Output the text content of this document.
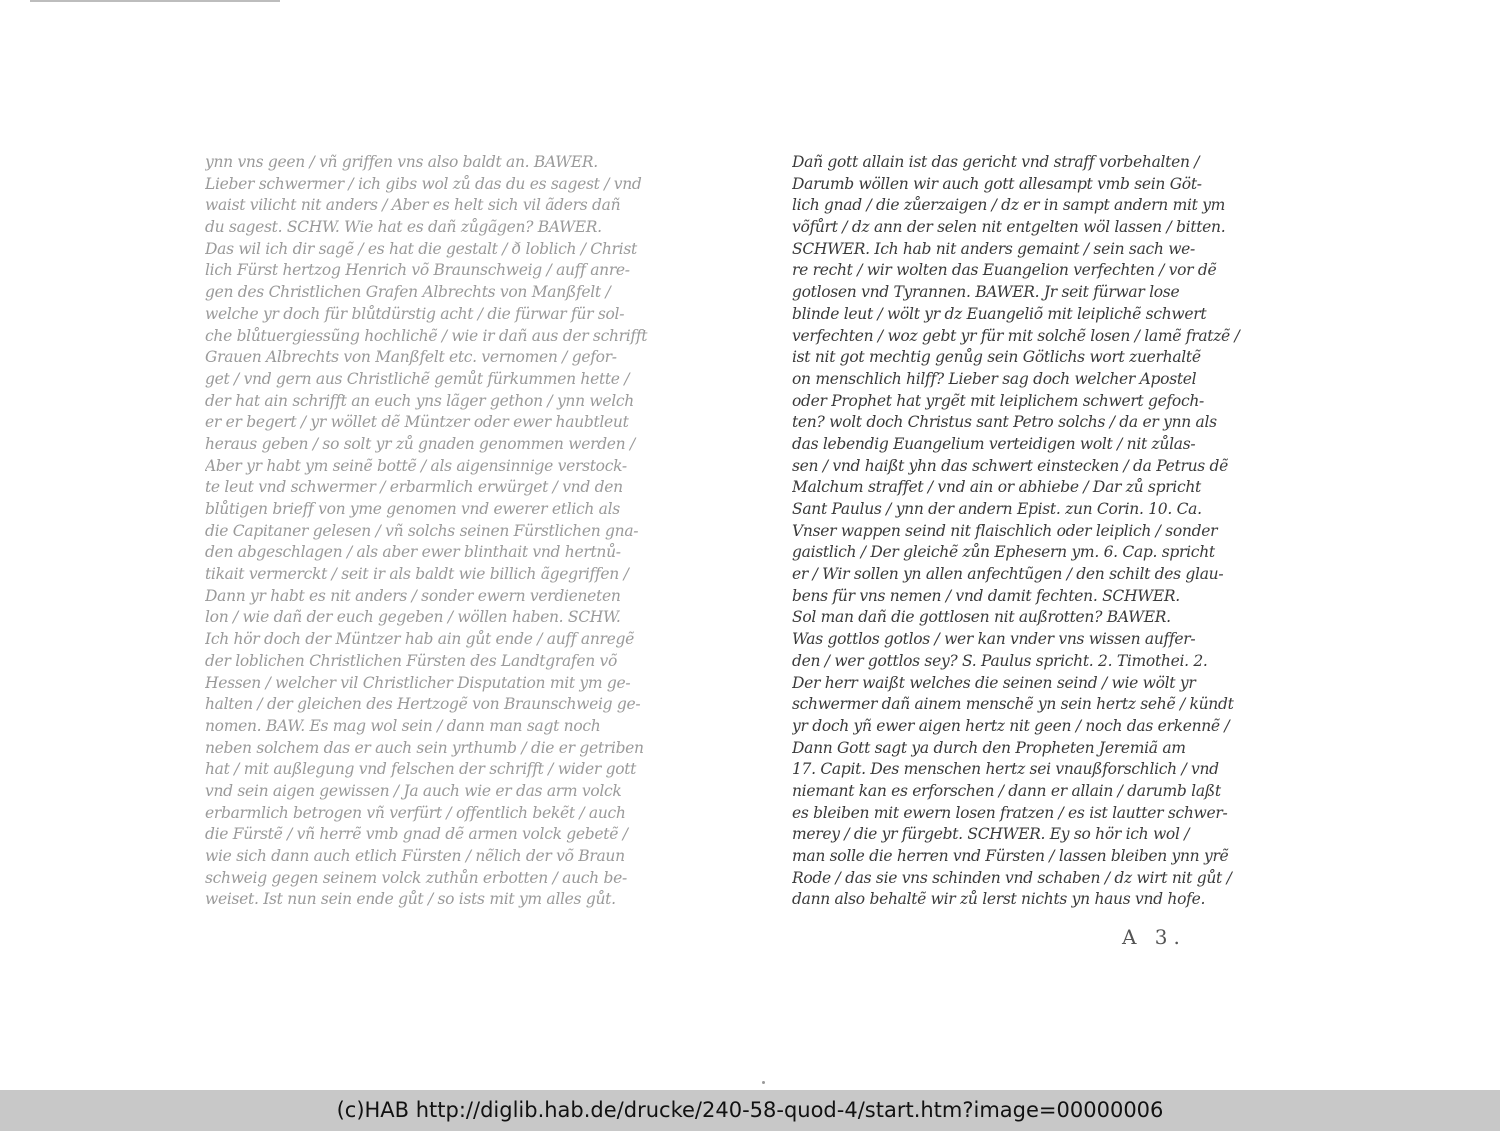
ynn vns geen / vñ griffen vns also baldt an. BAWER.
Lieber schwermer / ich gibs wol zů das du es sagest / vnd
waist vilicht nit anders / Aber es helt sich vil ãders dañ
du sagest. SCHW. Wie hat es dañ zůgãgen? BAWER.
Das wil ich dir sagẽ / es hat die gestalt / ð loblich / Christ
lich Fürst hertzog Henrich võ Braunschweig / auff anre-
gen des Christlichen Grafen Albrechts von Manßfelt /
welche yr doch für blůtdürstig acht / die fürwar für sol-
che blůtuergiessũng hochlichẽ / wie ir dañ aus der schrifft
Grauen Albrechts von Manßfelt etc. vernomen / gefor-
get / vnd gern aus Christlichẽ gemůt fürkummen hette /
der hat ain schrifft an euch yns lãger gethon / ynn welch
er er begert / yr wöllet dẽ Müntzer oder ewer haubtleut
heraus geben / so solt yr zů gnaden genommen werden /
Aber yr habt ym seinẽ bottẽ / als aigensinnige verstock-
te leut vnd schwermer / erbarmlich erwürget / vnd den
blůtigen brieff von yme genomen vnd ewerer etlich als
die Capitaner gelesen / vñ solchs seinen Fürstlichen gna-
den abgeschlagen / als aber ewer blinthait vnd hertnů-
tikait vermerckt / seit ir als baldt wie billich ãgegriffen /
Dann yr habt es nit anders / sonder ewern verdieneten
lon / wie dañ der euch gegeben / wöllen haben. SCHW.
Ich hör doch der Müntzer hab ain gůt ende / auff anregẽ
der loblichen Christlichen Fürsten des Landtgrafen võ
Hessen / welcher vil Christlicher Disputation mit ym ge-
halten / der gleichen des Hertzogẽ von Braunschweig ge-
nomen. BAW. Es mag wol sein / dann man sagt noch
neben solchem das er auch sein yrthumb / die er getriben
hat / mit außlegung vnd felschen der schrifft / wider gott
vnd sein aigen gewissen / Ja auch wie er das arm volck
erbarmlich betrogen vñ verfürt / offentlich bekẽt / auch
die Fürstẽ / vñ herrẽ vmb gnad dẽ armen volck gebetẽ /
wie sich dann auch etlich Fürsten / nẽlich der võ Braun
schweig gegen seinem volck zuthůn erbotten / auch be-
weiset. Ist nun sein ende gůt / so ists mit ym alles gůt.
Dañ gott allain ist das gericht vnd straff vorbehalten /
Darumb wöllen wir auch gott allesampt vmb sein Göt-
lich gnad / die zůerzaigen / dz er in sampt andern mit ym
võfůrt / dz ann der selen nit entgelten wöl lassen / bitten.
SCHWER. Ich hab nit anders gemaint / sein sach we-
re recht / wir wolten das Euangelion verfechten / vor dẽ
gotlosen vnd Tyrannen. BAWER. Jr seit fürwar lose
blinde leut / wölt yr dz Euangeliõ mit leiplichẽ schwert
verfechten / woz gebt yr für mit solchẽ losen / lamẽ fratzẽ /
ist nit got mechtig genůg sein Götlichs wort zuerhaltẽ
on menschlich hilff? Lieber sag doch welcher Apostel
oder Prophet hat yrgẽt mit leiplichem schwert gefoch-
ten? wolt doch Christus sant Petro solchs / da er ynn als
das lebendig Euangelium verteidigen wolt / nit zůlas-
sen / vnd haißt yhn das schwert einstecken / da Petrus dẽ
Malchum straffet / vnd ain or abhiebe / Dar zů spricht
Sant Paulus / ynn der andern Epist. zun Corin. 10. Ca.
Vnser wappen seind nit flaischlich oder leiplich / sonder
gaistlich / Der gleichẽ zůn Ephesern ym. 6. Cap. spricht
er / Wir sollen yn allen anfechtũgen / den schilt des glau-
bens für vns nemen / vnd damit fechten. SCHWER.
Sol man dañ die gottlosen nit außrotten? BAWER.
Was gottlos gotlos / wer kan vnder vns wissen auffer-
den / wer gottlos sey? S. Paulus spricht. 2. Timothei. 2.
Der herr waißt welches die seinen seind / wie wölt yr
schwermer dañ ainem menschẽ yn sein hertz sehẽ / kündt
yr doch yñ ewer aigen hertz nit geen / noch das erkennẽ /
Dann Gott sagt ya durch den Propheten Jeremiã am
17. Capit. Des menschen hertz sei vnaußforschlich / vnd
niemant kan es erforschen / dann er allain / darumb laßt
es bleiben mit ewern losen fratzen / es ist lautter schwer-
merey / die yr fürgebt. SCHWER. Ey so hör ich wol /
man solle die herren vnd Fürsten / lassen bleiben ynn yrẽ
Rode / das sie vns schinden vnd schaben / dz wirt nit gůt /
dann also behaltẽ wir zů lerst nichts yn haus vnd hofe.
A 3.
(c)HAB http://diglib.hab.de/drucke/240-58-quod-4/start.htm?image=00000006
